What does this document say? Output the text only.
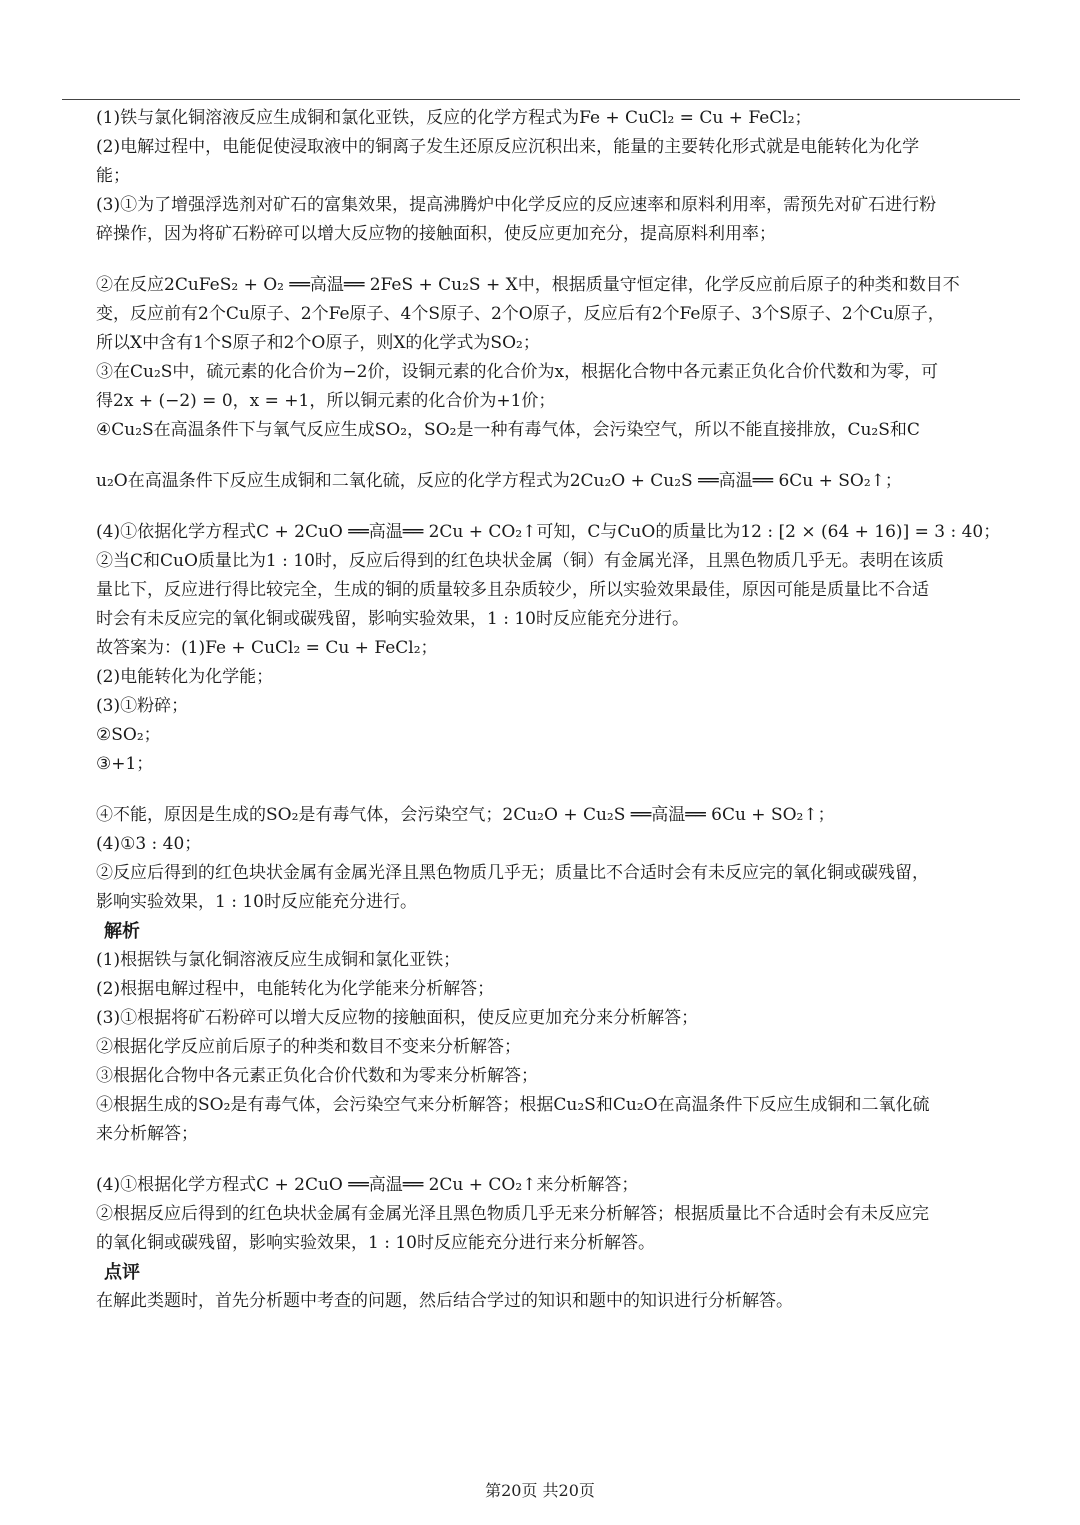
(1)铁与氯化铜溶液反应生成铜和氯化亚铁，反应的化学方程式为Fe + CuCl₂ = Cu + FeCl₂；

(2)电解过程中，电能促使浸取液中的铜离子发生还原反应沉积出来，能量的主要转化形式就是电能转化为化学

能；

(3)①为了增强浮选剂对矿石的富集效果，提高沸腾炉中化学反应的反应速率和原料利用率，需预先对矿石进行粉

碎操作，因为将矿石粉碎可以增大反应物的接触面积，使反应更加充分，提高原料利用率；

②在反应2CuFeS₂ + O₂ ══高温══ 2FeS + Cu₂S + X中，根据质量守恒定律，化学反应前后原子的种类和数目不

变，反应前有2个Cu原子、2个Fe原子、4个S原子、2个O原子，反应后有2个Fe原子、3个S原子、2个Cu原子，

所以X中含有1个S原子和2个O原子，则X的化学式为SO₂；

③在Cu₂S中，硫元素的化合价为−2价，设铜元素的化合价为x，根据化合物中各元素正负化合价代数和为零，可

得2x + (−2) = 0，x = +1，所以铜元素的化合价为+1价；

④Cu₂S在高温条件下与氧气反应生成SO₂，SO₂是一种有毒气体，会污染空气，所以不能直接排放，Cu₂S和C

u₂O在高温条件下反应生成铜和二氧化硫，反应的化学方程式为2Cu₂O + Cu₂S ══高温══ 6Cu + SO₂↑；

(4)①依据化学方程式C + 2CuO ══高温══ 2Cu + CO₂↑可知，C与CuO的质量比为12 : [2 × (64 + 16)] = 3 : 40；

②当C和CuO质量比为1 : 10时，反应后得到的红色块状金属（铜）有金属光泽，且黑色物质几乎无。表明在该质

量比下，反应进行得比较完全，生成的铜的质量较多且杂质较少，所以实验效果最佳，原因可能是质量比不合适

时会有未反应完的氧化铜或碳残留，影响实验效果，1 : 10时反应能充分进行。

故答案为：(1)Fe + CuCl₂ = Cu + FeCl₂；

(2)电能转化为化学能；

(3)①粉碎；

②SO₂；

③+1；

④不能，原因是生成的SO₂是有毒气体，会污染空气；2Cu₂O + Cu₂S ══高温══ 6Cu + SO₂↑；

(4)①3 : 40；

②反应后得到的红色块状金属有金属光泽且黑色物质几乎无；质量比不合适时会有未反应完的氧化铜或碳残留，

影响实验效果，1 : 10时反应能充分进行。

解析

(1)根据铁与氯化铜溶液反应生成铜和氯化亚铁；

(2)根据电解过程中，电能转化为化学能来分析解答；

(3)①根据将矿石粉碎可以增大反应物的接触面积，使反应更加充分来分析解答；

②根据化学反应前后原子的种类和数目不变来分析解答；

③根据化合物中各元素正负化合价代数和为零来分析解答；

④根据生成的SO₂是有毒气体，会污染空气来分析解答；根据Cu₂S和Cu₂O在高温条件下反应生成铜和二氧化硫

来分析解答；

(4)①根据化学方程式C + 2CuO ══高温══ 2Cu + CO₂↑来分析解答；

②根据反应后得到的红色块状金属有金属光泽且黑色物质几乎无来分析解答；根据质量比不合适时会有未反应完

的氧化铜或碳残留，影响实验效果，1 : 10时反应能充分进行来分析解答。

点评

在解此类题时，首先分析题中考查的问题，然后结合学过的知识和题中的知识进行分析解答。

第20页 共20页
